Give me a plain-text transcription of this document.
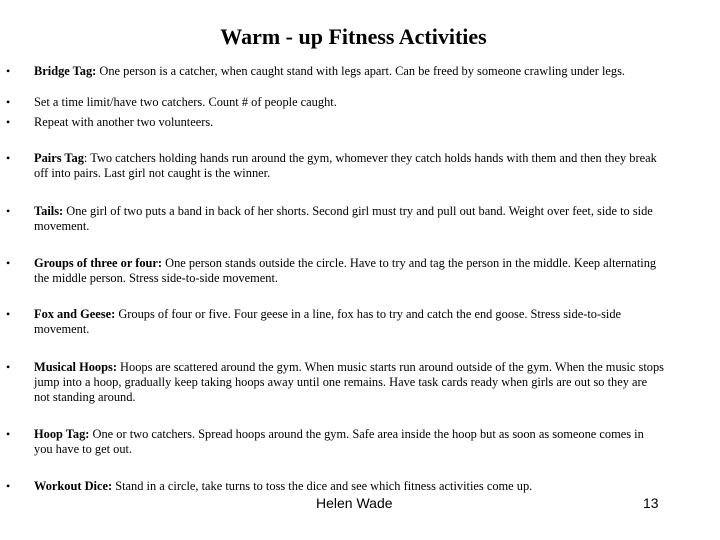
Warm - up Fitness Activities
• Bridge Tag: One person is a catcher, when caught stand with legs apart. Can be freed by someone crawling under legs.
• Set a time limit/have two catchers. Count # of people caught.
• Repeat with another two volunteers.
• Pairs Tag: Two catchers holding hands run around the gym, whomever they catch holds hands with them and then they break off into pairs. Last girl not caught is the winner.
• Tails: One girl of two puts a band in back of her shorts. Second girl must try and pull out band. Weight over feet, side to side movement.
• Groups of three or four: One person stands outside the circle. Have to try and tag the person in the middle. Keep alternating the middle person. Stress side-to-side movement.
• Fox and Geese: Groups of four or five. Four geese in a line, fox has to try and catch the end goose. Stress side-to-side movement.
• Musical Hoops: Hoops are scattered around the gym. When music starts run around outside of the gym. When the music stops jump into a hoop, gradually keep taking hoops away until one remains. Have task cards ready when girls are out so they are not standing around.
• Hoop Tag: One or two catchers. Spread hoops around the gym. Safe area inside the hoop but as soon as someone comes in you have to get out.
• Workout Dice: Stand in a circle, take turns to toss the dice and see which fitness activities come up.
Helen Wade	13
